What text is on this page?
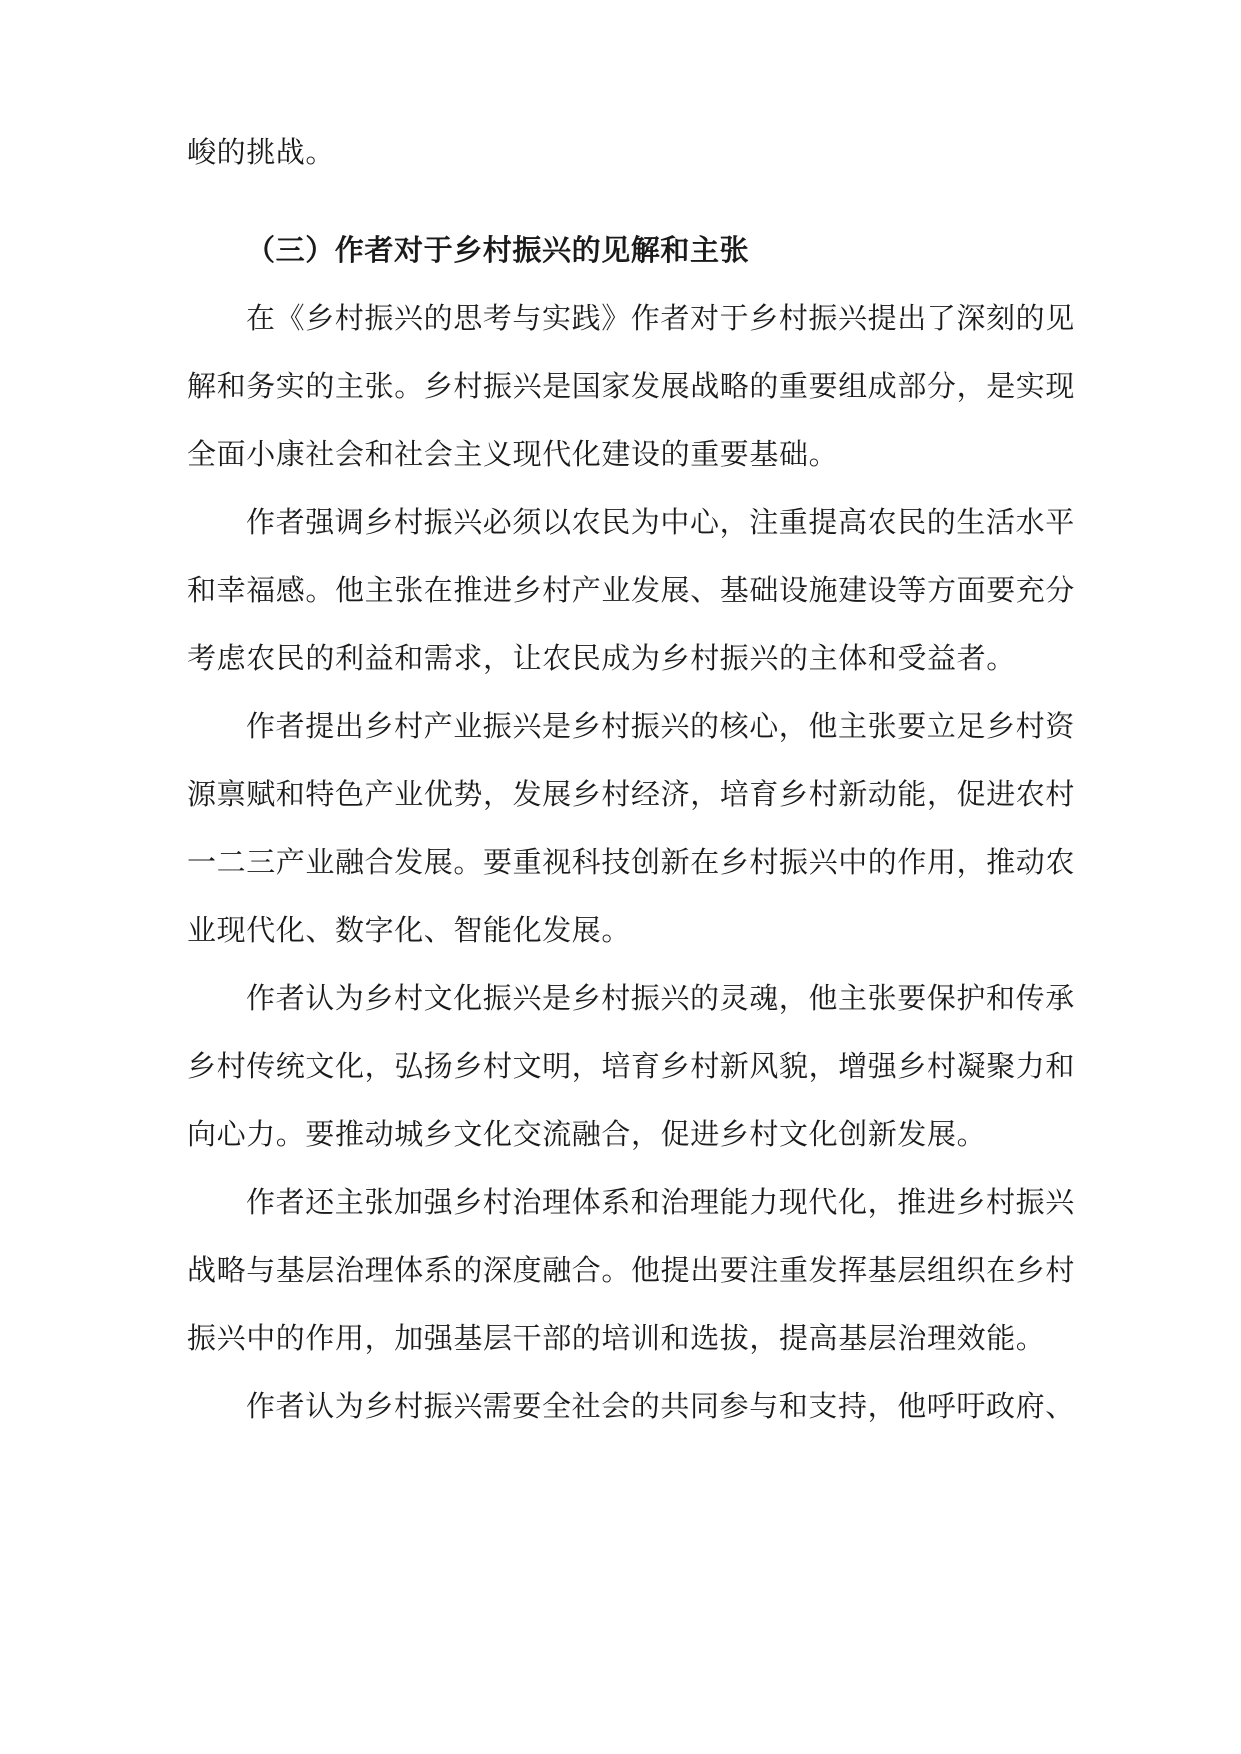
峻的挑战。
（三）作者对于乡村振兴的见解和主张
在《乡村振兴的思考与实践》作者对于乡村振兴提出了深刻的见
解和务实的主张。乡村振兴是国家发展战略的重要组成部分，是实现
全面小康社会和社会主义现代化建设的重要基础。
作者强调乡村振兴必须以农民为中心，注重提高农民的生活水平
和幸福感。他主张在推进乡村产业发展、基础设施建设等方面要充分
考虑农民的利益和需求，让农民成为乡村振兴的主体和受益者。
作者提出乡村产业振兴是乡村振兴的核心，他主张要立足乡村资
源禀赋和特色产业优势，发展乡村经济，培育乡村新动能，促进农村
一二三产业融合发展。要重视科技创新在乡村振兴中的作用，推动农
业现代化、数字化、智能化发展。
作者认为乡村文化振兴是乡村振兴的灵魂，他主张要保护和传承
乡村传统文化，弘扬乡村文明，培育乡村新风貌，增强乡村凝聚力和
向心力。要推动城乡文化交流融合，促进乡村文化创新发展。
作者还主张加强乡村治理体系和治理能力现代化，推进乡村振兴
战略与基层治理体系的深度融合。他提出要注重发挥基层组织在乡村
振兴中的作用，加强基层干部的培训和选拔，提高基层治理效能。
作者认为乡村振兴需要全社会的共同参与和支持，他呼吁政府、
